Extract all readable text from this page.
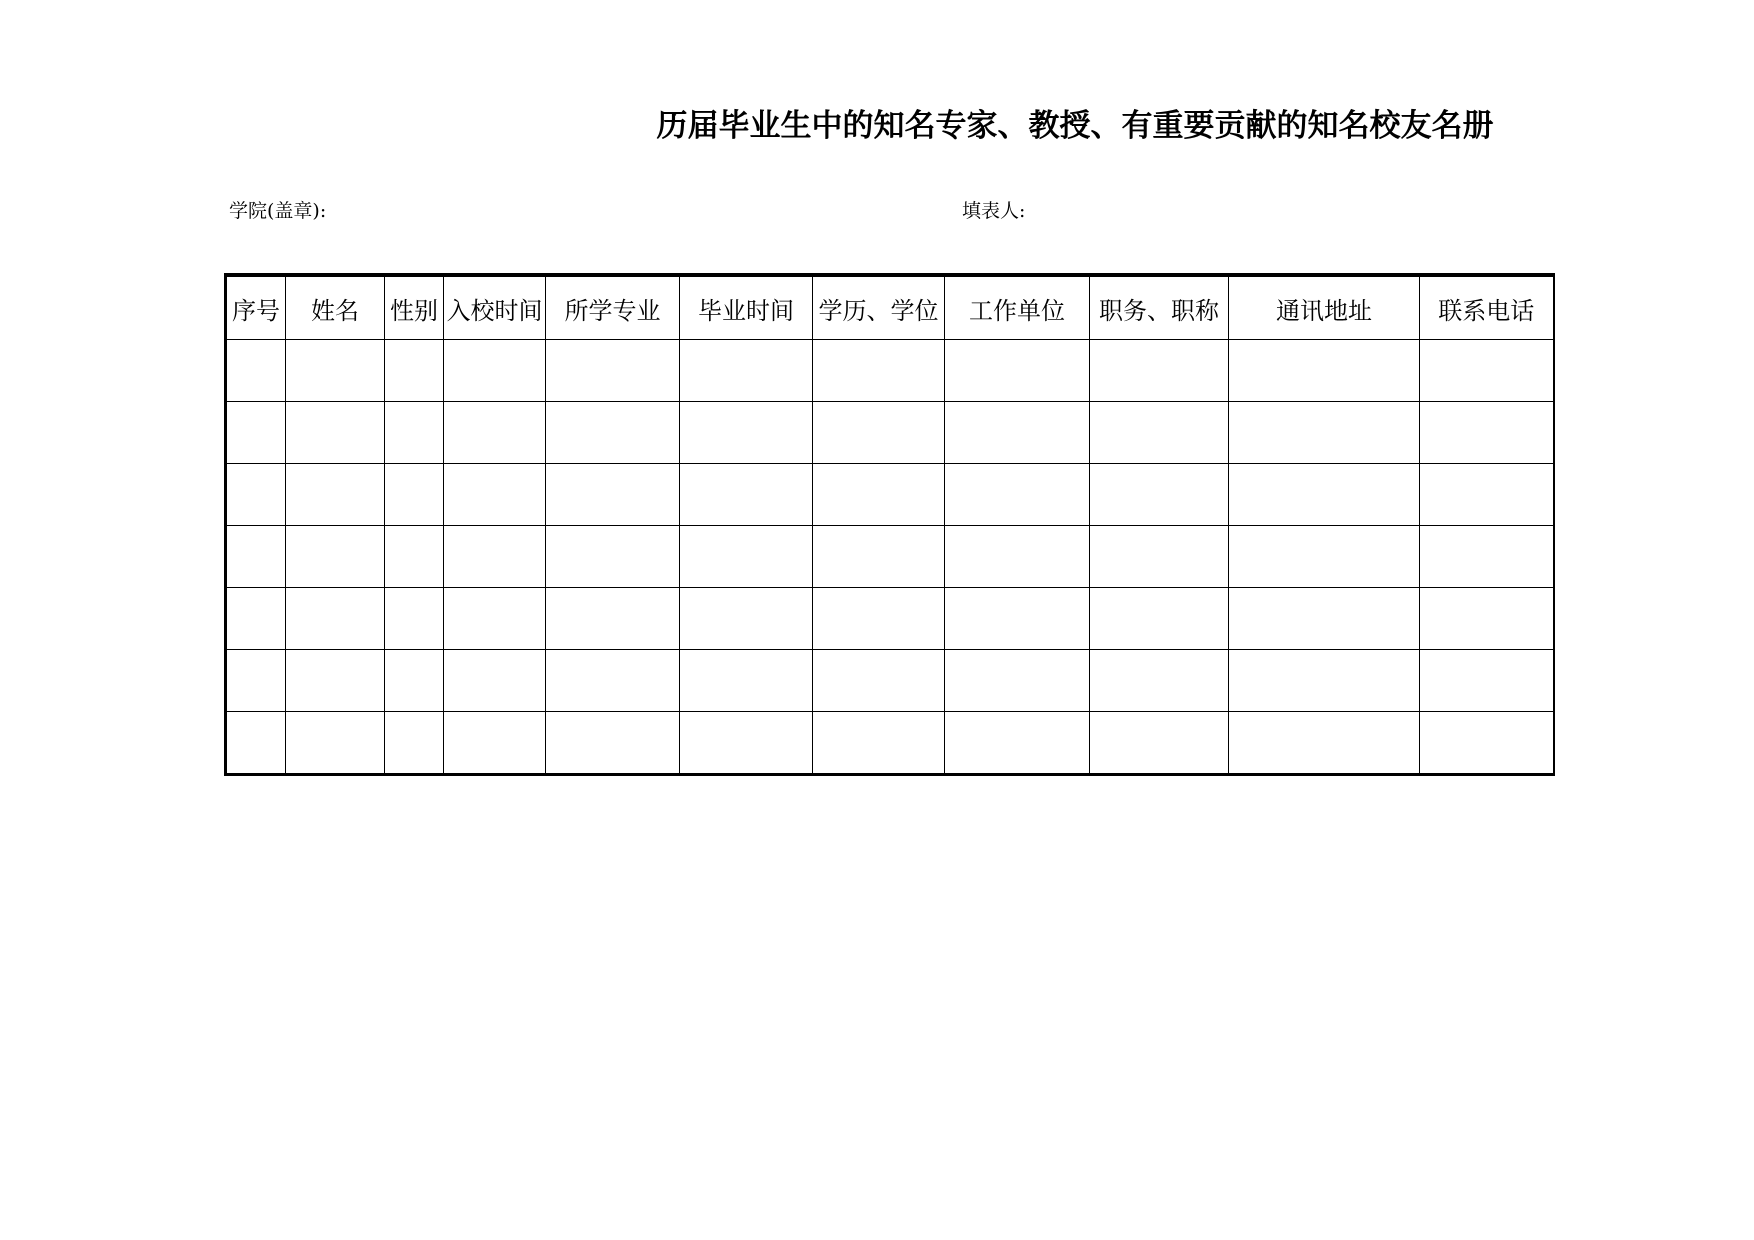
历届毕业生中的知名专家、教授、有重要贡献的知名校友名册
学院(盖章):	填表人:
序号	姓名	性别	入校时间	所学专业	毕业时间	学历、学位	工作单位	职务、职称	通讯地址	联系电话
